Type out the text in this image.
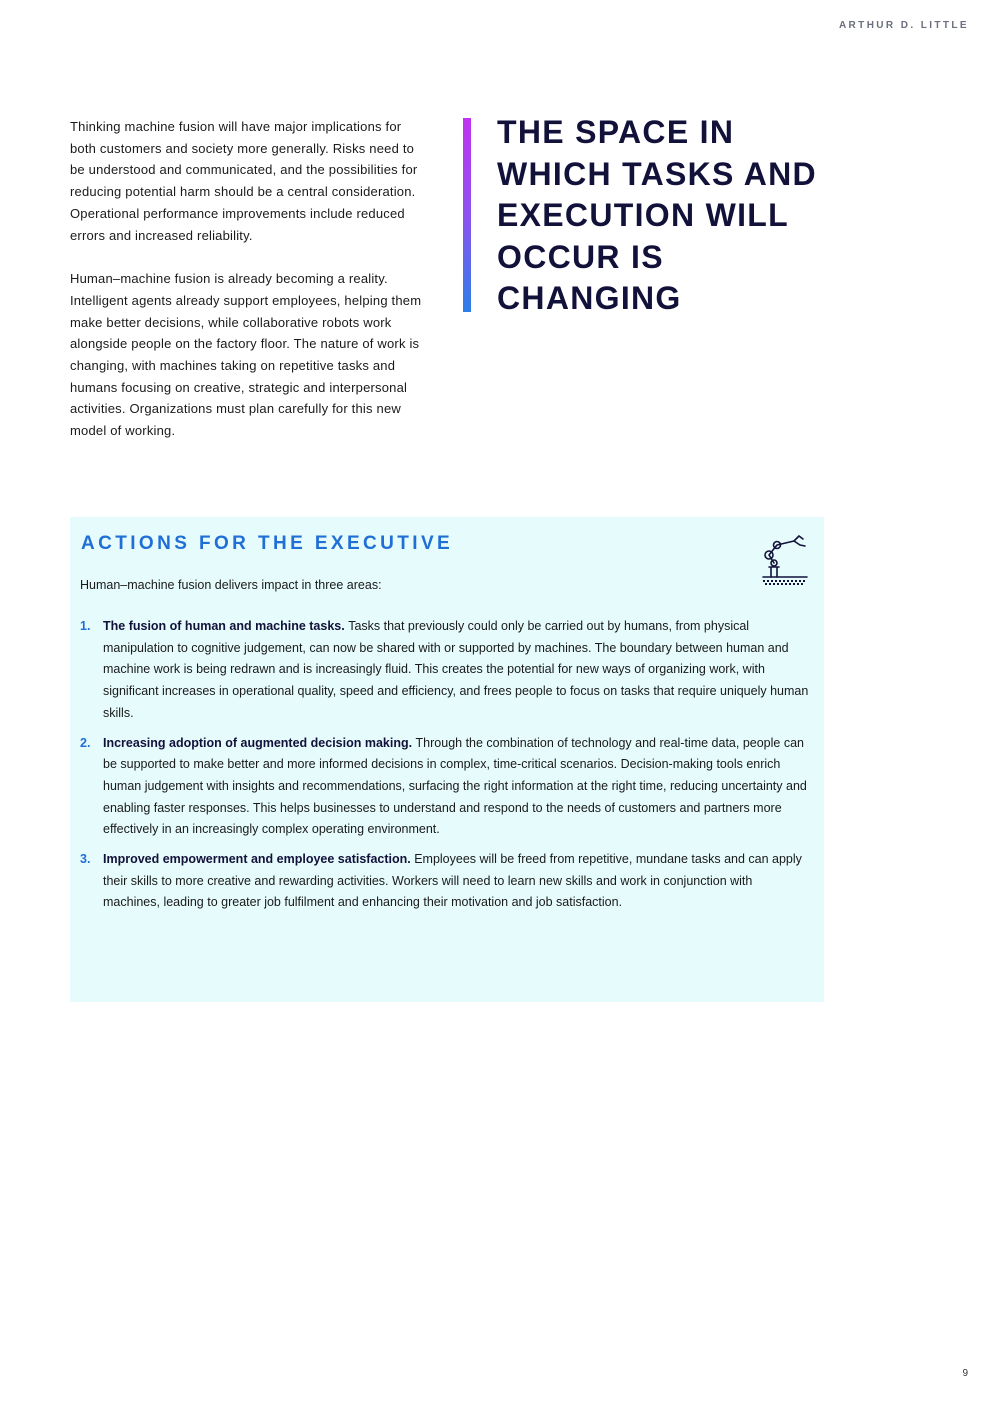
ARTHUR D. LITTLE

Thinking machine fusion will have major implications for both customers and society more generally. Risks need to be understood and communicated, and the possibilities for reducing potential harm should be a central consideration. Operational performance improvements include reduced errors and increased reliability.

Human–machine fusion is already becoming a reality. Intelligent agents already support employees, helping them make better decisions, while collaborative robots work alongside people on the factory floor. The nature of work is changing, with machines taking on repetitive tasks and humans focusing on creative, strategic and interpersonal activities. Organizations must plan carefully for this new model of working.

THE SPACE IN WHICH TASKS AND EXECUTION WILL OCCUR IS CHANGING
ACTIONS FOR THE EXECUTIVE

Human–machine fusion delivers impact in three areas:

1. The fusion of human and machine tasks. Tasks that previously could only be carried out by humans, from physical manipulation to cognitive judgement, can now be shared with or supported by machines. The boundary between human and machine work is being redrawn and is increasingly fluid. This creates the potential for new ways of organizing work, with significant increases in operational quality, speed and efficiency, and frees people to focus on tasks that require uniquely human skills.
2. Increasing adoption of augmented decision making. Through the combination of technology and real-time data, people can be supported to make better and more informed decisions in complex, time-critical scenarios. Decision-making tools enrich human judgement with insights and recommendations, surfacing the right information at the right time, reducing uncertainty and enabling faster responses. This helps businesses to understand and respond to the needs of customers and partners more effectively in an increasingly complex operating environment.
3. Improved empowerment and employee satisfaction. Employees will be freed from repetitive, mundane tasks and can apply their skills to more creative and rewarding activities. Workers will need to learn new skills and work in conjunction with machines, leading to greater job fulfilment and enhancing their motivation and job satisfaction.
9
